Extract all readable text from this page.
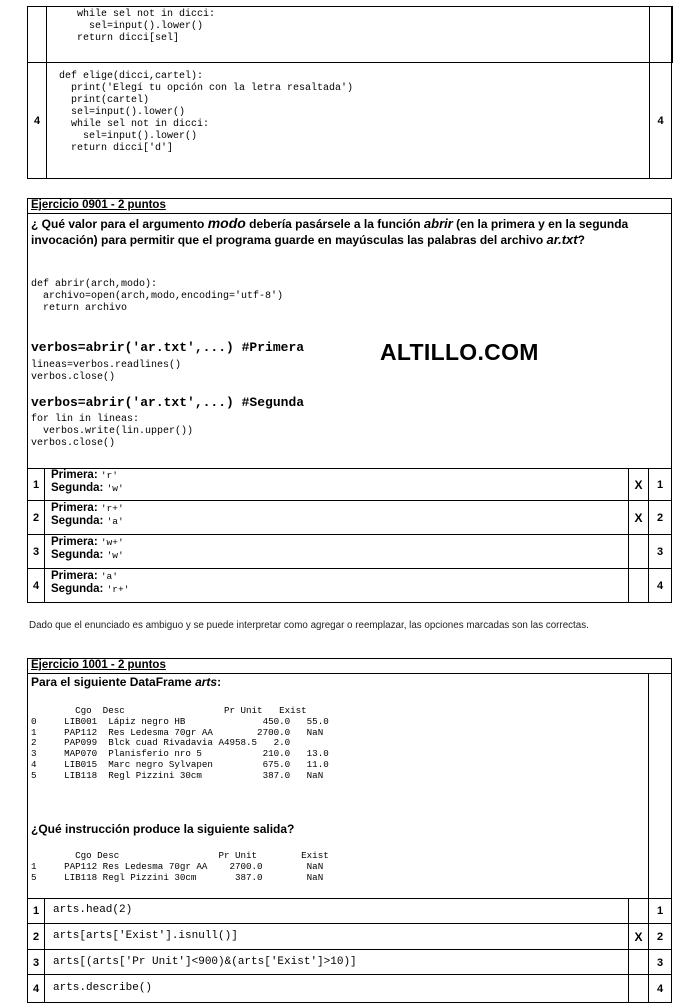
while sel not in dicci:
sel=input().lower()
return dicci[sel]
4
def elige(dicci,cartel):
print('Elegí tu opción con la letra resaltada')
print(cartel)
sel=input().lower()
while sel not in dicci:
sel=input().lower()
return dicci['d']
4
Ejercicio 0901 - 2 puntos
¿ Qué valor para el argumento modo debería pasársele a la función abrir (en la primera y en la segunda invocación) para permitir que el programa guarde en mayúsculas las palabras del archivo ar.txt?
def abrir(arch,modo):
archivo=open(arch,modo,encoding='utf-8')
return archivo
verbos=abrir('ar.txt',...) #Primera
lineas=verbos.readlines()
verbos.close()
verbos=abrir('ar.txt',...) #Segunda
for lin in lineas:
verbos.write(lin.upper())
verbos.close()
ALTILLO.COM
1
Primera: 'r'
Segunda: 'w'	X	1
2
Primera: 'r+'
Segunda: 'a'	X	2
3
Primera: 'w+'
Segunda: 'w'	3
4
Primera: 'a'
Segunda: 'r+'	4
Dado que el enunciado es ambiguo y se puede interpretar como agregar o reemplazar, las opciones marcadas son las correctas.
Ejercicio 1001 - 2 puntos
Para el siguiente DataFrame arts:
Cgo  Desc                  Pr Unit   Exist
0     LIB001  Lápiz negro HB              450.0   55.0
1     PAP112  Res Ledesma 70gr AA        2700.0   NaN
2     PAP099  Blck cuad Rivadavia A4958.5   2.0
3     MAP070  Planisferio nro 5           210.0   13.0
4     LIB015  Marc negro Sylvapen         675.0   11.0
5     LIB118  Regl Pizzini 30cm           387.0   NaN
¿Qué instrucción produce la siguiente salida?
Cgo Desc                  Pr Unit        Exist
1     PAP112 Res Ledesma 70gr AA    2700.0        NaN
5     LIB118 Regl Pizzini 30cm       387.0        NaN
1	arts.head(2)	1
2	arts[arts['Exist'].isnull()]	X	2
3	arts[(arts['Pr Unit']<900)&(arts['Exist']>10)]	3
4	arts.describe()	4
